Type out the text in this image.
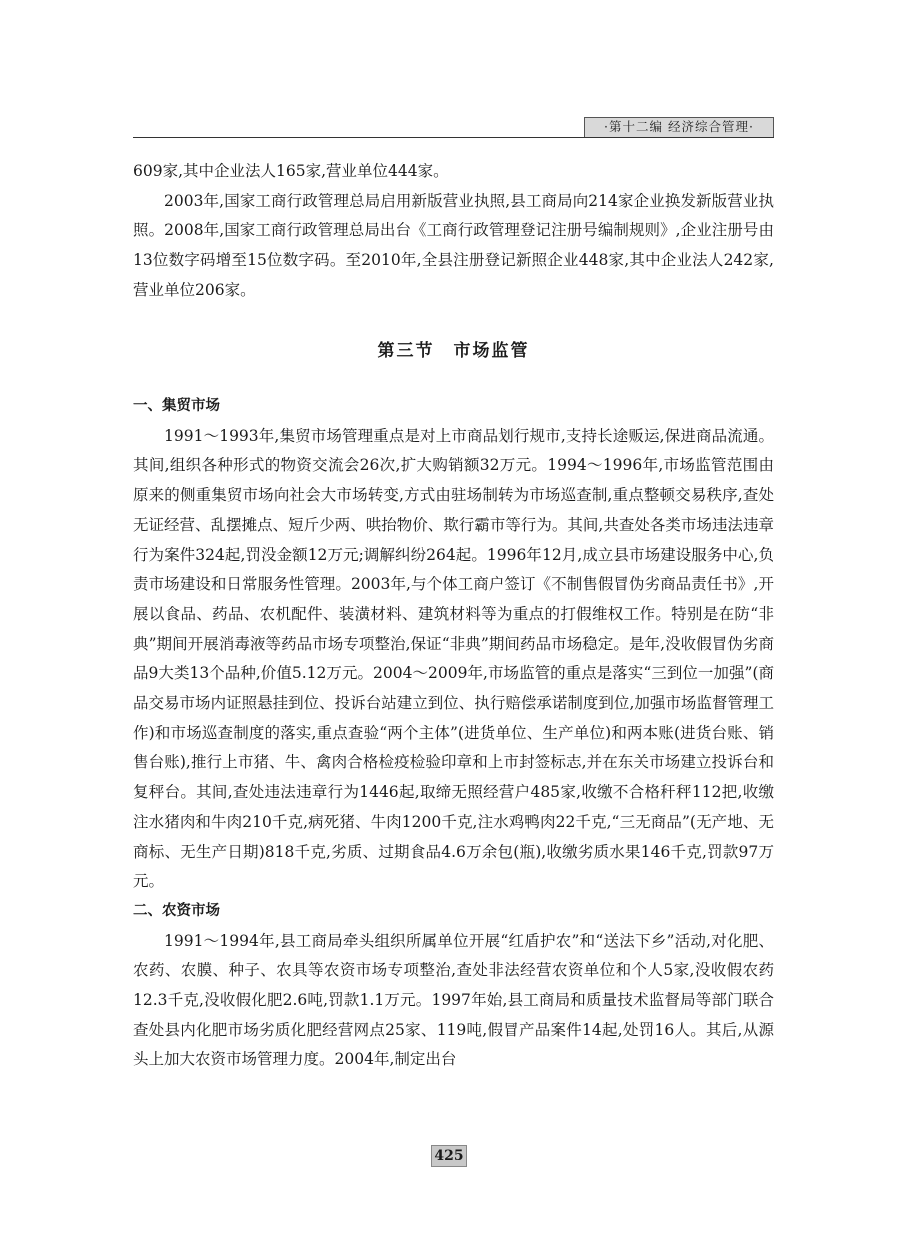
·第十二编 经济综合管理·

609家,其中企业法人165家,营业单位444家。

2003年,国家工商行政管理总局启用新版营业执照,县工商局向214家企业换发新版营业执照。2008年,国家工商行政管理总局出台《工商行政管理登记注册号编制规则》,企业注册号由13位数字码增至15位数字码。至2010年,全县注册登记新照企业448家,其中企业法人242家,营业单位206家。

第三节　市场监管

一、集贸市场

1991～1993年,集贸市场管理重点是对上市商品划行规市,支持长途贩运,保进商品流通。其间,组织各种形式的物资交流会26次,扩大购销额32万元。1994～1996年,市场监管范围由原来的侧重集贸市场向社会大市场转变,方式由驻场制转为市场巡查制,重点整顿交易秩序,查处无证经营、乱摆摊点、短斤少两、哄抬物价、欺行霸市等行为。其间,共查处各类市场违法违章行为案件324起,罚没金额12万元;调解纠纷264起。1996年12月,成立县市场建设服务中心,负责市场建设和日常服务性管理。2003年,与个体工商户签订《不制售假冒伪劣商品责任书》,开展以食品、药品、农机配件、装潢材料、建筑材料等为重点的打假维权工作。特别是在防“非典”期间开展消毒液等药品市场专项整治,保证“非典”期间药品市场稳定。是年,没收假冒伪劣商品9大类13个品种,价值5.12万元。2004～2009年,市场监管的重点是落实“三到位一加强”(商品交易市场内证照悬挂到位、投诉台站建立到位、执行赔偿承诺制度到位,加强市场监督管理工作)和市场巡查制度的落实,重点查验“两个主体”(进货单位、生产单位)和两本账(进货台账、销售台账),推行上市猪、牛、禽肉合格检疫检验印章和上市封签标志,并在东关市场建立投诉台和复秤台。其间,查处违法违章行为1446起,取缔无照经营户485家,收缴不合格秆秤112把,收缴注水猪肉和牛肉210千克,病死猪、牛肉1200千克,注水鸡鸭肉22千克,“三无商品”(无产地、无商标、无生产日期)818千克,劣质、过期食品4.6万余包(瓶),收缴劣质水果146千克,罚款97万元。

二、农资市场

1991～1994年,县工商局牵头组织所属单位开展“红盾护农”和“送法下乡”活动,对化肥、农药、农膜、种子、农具等农资市场专项整治,查处非法经营农资单位和个人5家,没收假农药12.3千克,没收假化肥2.6吨,罚款1.1万元。1997年始,县工商局和质量技术监督局等部门联合查处县内化肥市场劣质化肥经营网点25家、119吨,假冒产品案件14起,处罚16人。其后,从源头上加大农资市场管理力度。2004年,制定出台

425
